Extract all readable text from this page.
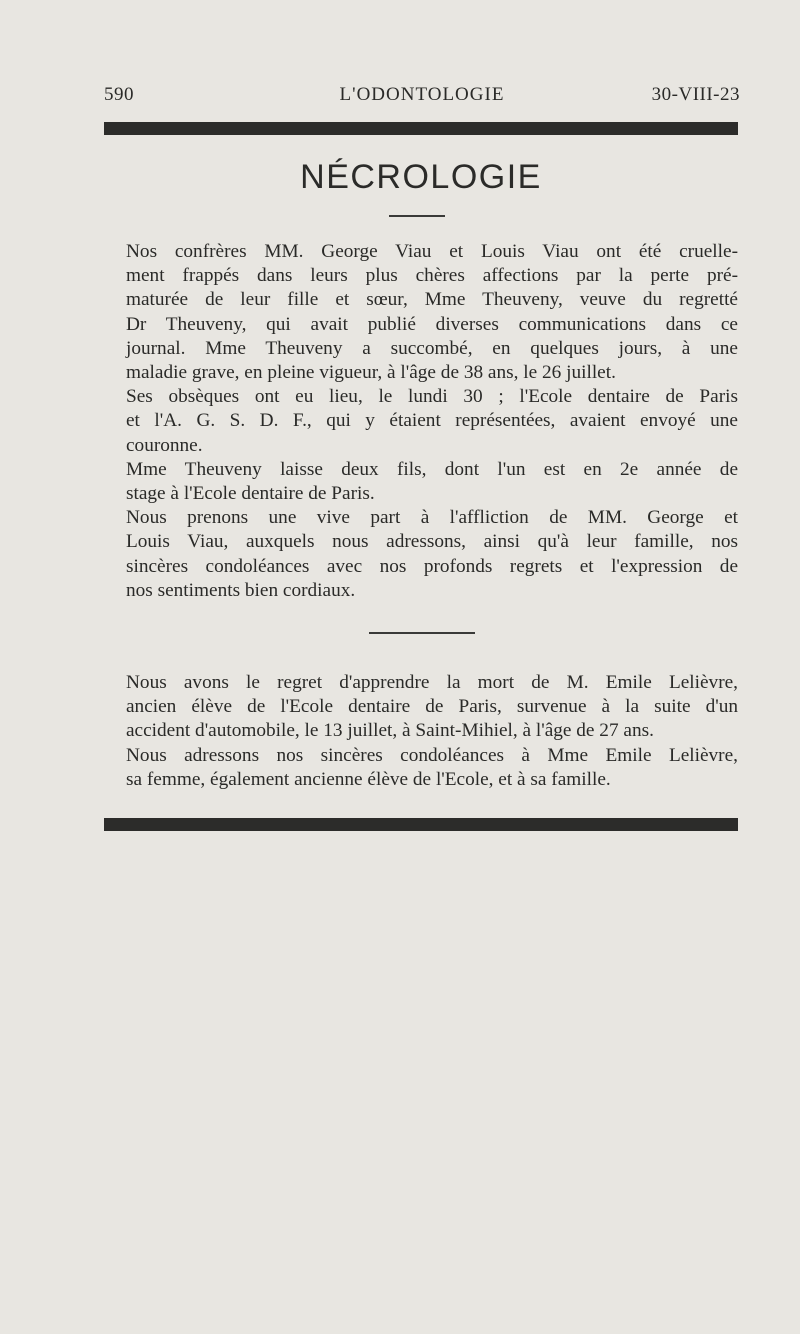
590	L'ODONTOLOGIE	30-VIII-23
NÉCROLOGIE

Nos confrères MM. George Viau et Louis Viau ont été cruelle-
ment frappés dans leurs plus chères affections par la perte pré-
maturée de leur fille et sœur, Mme Theuveny, veuve du regretté
Dr Theuveny, qui avait publié diverses communications dans ce
journal. Mme Theuveny a succombé, en quelques jours, à une
maladie grave, en pleine vigueur, à l'âge de 38 ans, le 26 juillet.

Ses obsèques ont eu lieu, le lundi 30 ; l'Ecole dentaire de Paris
et l'A. G. S. D. F., qui y étaient représentées, avaient envoyé une
couronne.

Mme Theuveny laisse deux fils, dont l'un est en 2e année de
stage à l'Ecole dentaire de Paris.

Nous prenons une vive part à l'affliction de MM. George et
Louis Viau, auxquels nous adressons, ainsi qu'à leur famille, nos
sincères condoléances avec nos profonds regrets et l'expression de
nos sentiments bien cordiaux.

Nous avons le regret d'apprendre la mort de M. Emile Lelièvre,
ancien élève de l'Ecole dentaire de Paris, survenue à la suite d'un
accident d'automobile, le 13 juillet, à Saint-Mihiel, à l'âge de 27 ans.

Nous adressons nos sincères condoléances à Mme Emile Lelièvre,
sa femme, également ancienne élève de l'Ecole, et à sa famille.
